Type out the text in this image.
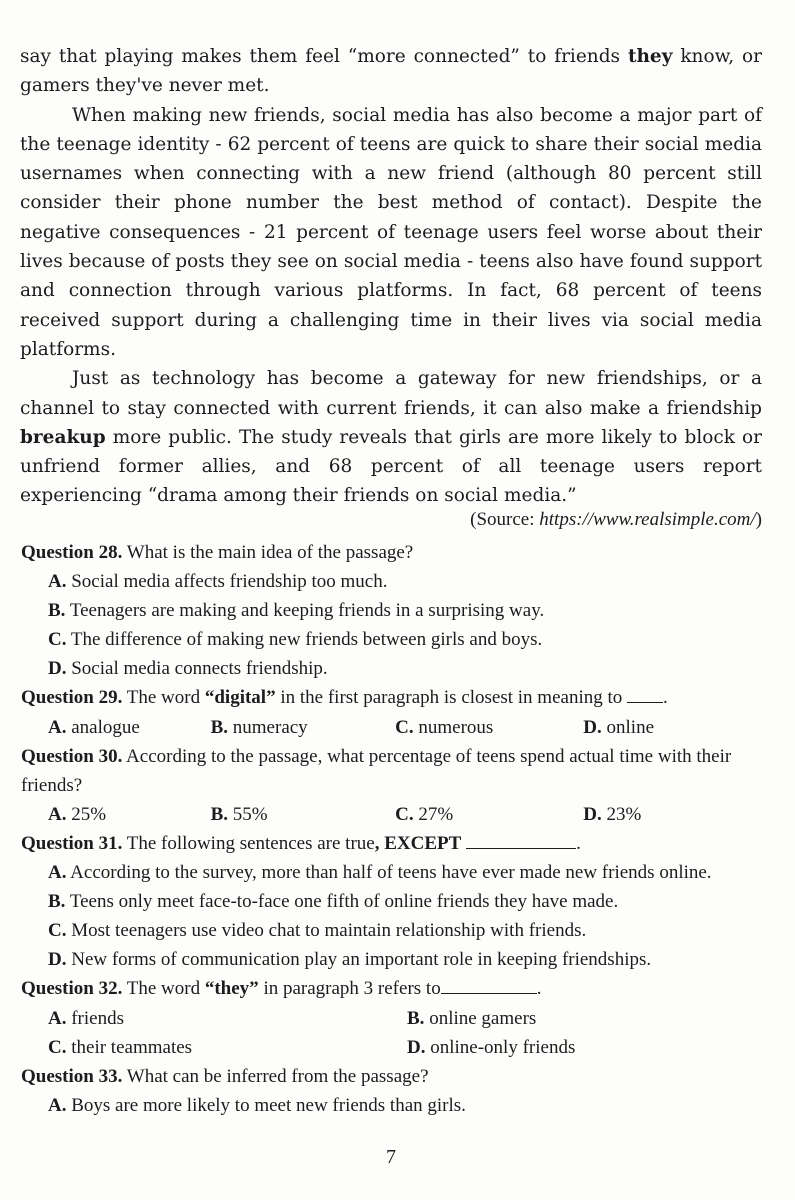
say that playing makes them feel “more connected” to friends they know, or gamers they've never met.

When making new friends, social media has also become a major part of the teenage identity - 62 percent of teens are quick to share their social media usernames when connecting with a new friend (although 80 percent still consider their phone number the best method of contact). Despite the negative consequences - 21 percent of teenage users feel worse about their lives because of posts they see on social media - teens also have found support and connection through various platforms. In fact, 68 percent of teens received support during a challenging time in their lives via social media platforms.

Just as technology has become a gateway for new friendships, or a channel to stay connected with current friends, it can also make a friendship breakup more public. The study reveals that girls are more likely to block or unfriend former allies, and 68 percent of all teenage users report experiencing “drama among their friends on social media.”

(Source: https://www.realsimple.com/)

Question 28. What is the main idea of the passage?

A. Social media affects friendship too much.

B. Teenagers are making and keeping friends in a surprising way.

C. The difference of making new friends between girls and boys.

D. Social media connects friendship.

Question 29. The word “digital” in the first paragraph is closest in meaning to .

A. analogue	B. numeracy	C. numerous	D. online

Question 30. According to the passage, what percentage of teens spend actual time with their friends?

A. 25%	B. 55%	C. 27%	D. 23%

Question 31. The following sentences are true, EXCEPT	.

A. According to the survey, more than half of teens have ever made new friends online.

B. Teens only meet face-to-face one fifth of online friends they have made.

C. Most teenagers use video chat to maintain relationship with friends.

D. New forms of communication play an important role in keeping friendships.

Question 32. The word “they” in paragraph 3 refers to	.

A. friends	B. online gamers
C. their teammates	D. online-only friends

Question 33. What can be inferred from the passage?

A. Boys are more likely to meet new friends than girls.

7
